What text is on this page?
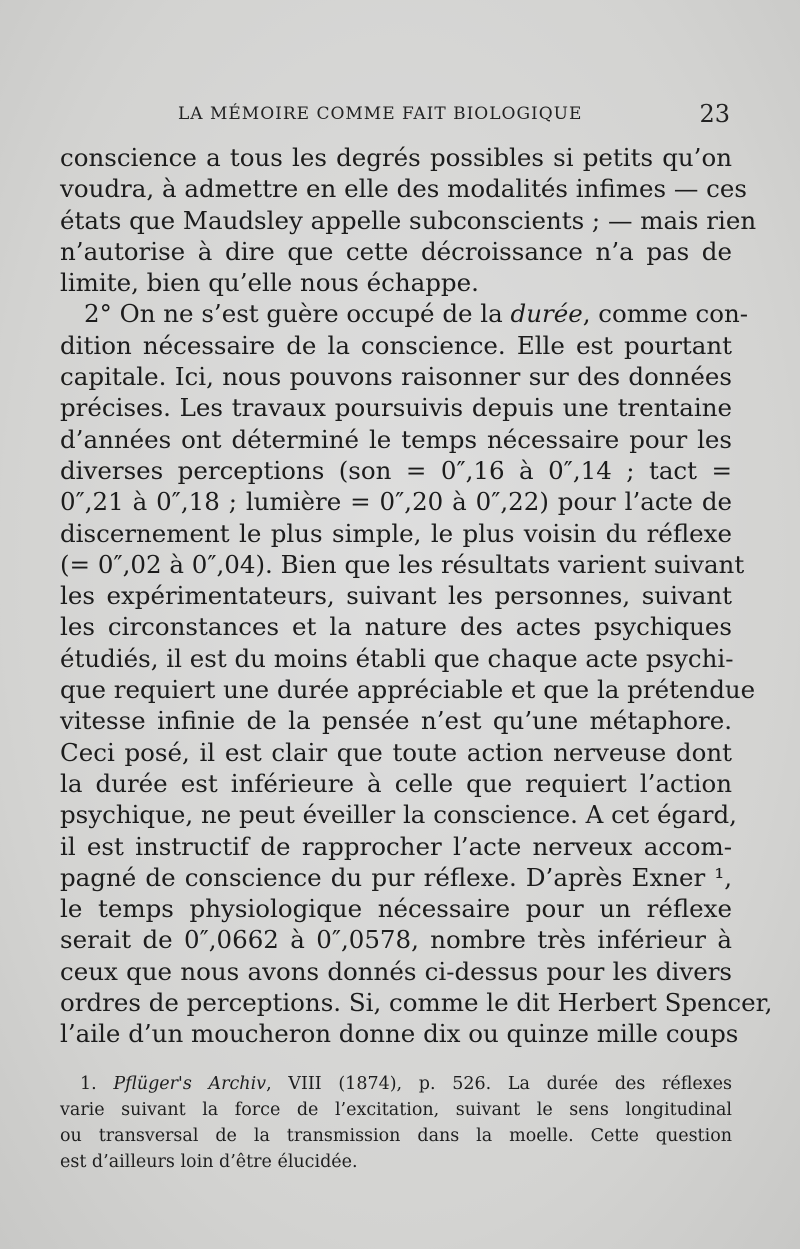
LA MÉMOIRE COMME FAIT BIOLOGIQUE	23
conscience a tous les degrés possibles si petits qu’on
voudra, à admettre en elle des modalités infimes — ces
états que Maudsley appelle subconscients ; — mais rien
n’autorise à dire que cette décroissance n’a pas de
limite, bien qu’elle nous échappe.
2° On ne s’est guère occupé de la durée, comme con-
dition nécessaire de la conscience. Elle est pourtant
capitale. Ici, nous pouvons raisonner sur des données
précises. Les travaux poursuivis depuis une trentaine
d’années ont déterminé le temps nécessaire pour les
diverses perceptions (son = 0″,16 à 0″,14 ; tact =
0″,21 à 0″,18 ; lumière = 0″,20 à 0″,22) pour l’acte de
discernement le plus simple, le plus voisin du réflexe
(= 0″,02 à 0″,04). Bien que les résultats varient suivant
les expérimentateurs, suivant les personnes, suivant
les circonstances et la nature des actes psychiques
étudiés, il est du moins établi que chaque acte psychi-
que requiert une durée appréciable et que la prétendue
vitesse infinie de la pensée n’est qu’une métaphore.
Ceci posé, il est clair que toute action nerveuse dont
la durée est inférieure à celle que requiert l’action
psychique, ne peut éveiller la conscience. A cet égard,
il est instructif de rapprocher l’acte nerveux accom-
pagné de conscience du pur réflexe. D’après Exner ¹,
le temps physiologique nécessaire pour un réflexe
serait de 0″,0662 à 0″,0578, nombre très inférieur à
ceux que nous avons donnés ci-dessus pour les divers
ordres de perceptions. Si, comme le dit Herbert Spencer,
l’aile d’un moucheron donne dix ou quinze mille coups
1. Pflüger's Archiv, VIII (1874), p. 526. La durée des réflexes
varie suivant la force de l’excitation, suivant le sens longitudinal
ou transversal de la transmission dans la moelle. Cette question
est d’ailleurs loin d’être élucidée.
